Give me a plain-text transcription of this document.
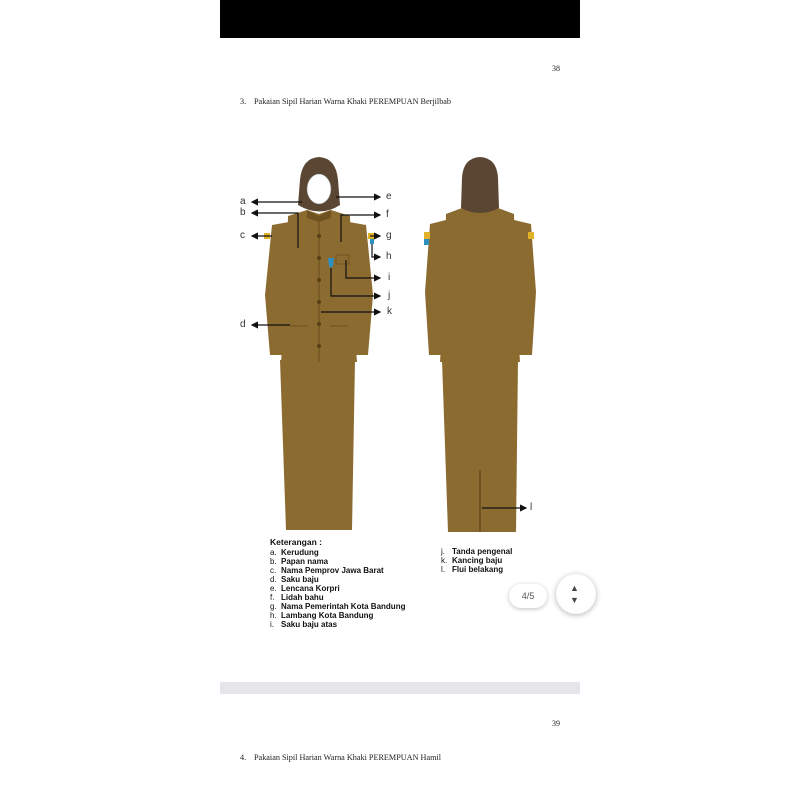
38
3. Pakaian Sipil Harian Warna Khaki PEREMPUAN Berjilbab
a
b
c
d
e
f
g
h
i
j
k
l
Keterangan :
a. Kerudung
b. Papan nama
c. Nama Pemprov Jawa Barat
d. Saku baju
e. Lencana Korpri
f. Lidah bahu
g. Nama Pemerintah Kota Bandung
h. Lambang Kota Bandung
i. Saku baju atas
j. Tanda pengenal
k. Kancing baju
l. Flui belakang
4/5
▲
▼
39
4. Pakaian Sipil Harian Warna Khaki PEREMPUAN Hamil
